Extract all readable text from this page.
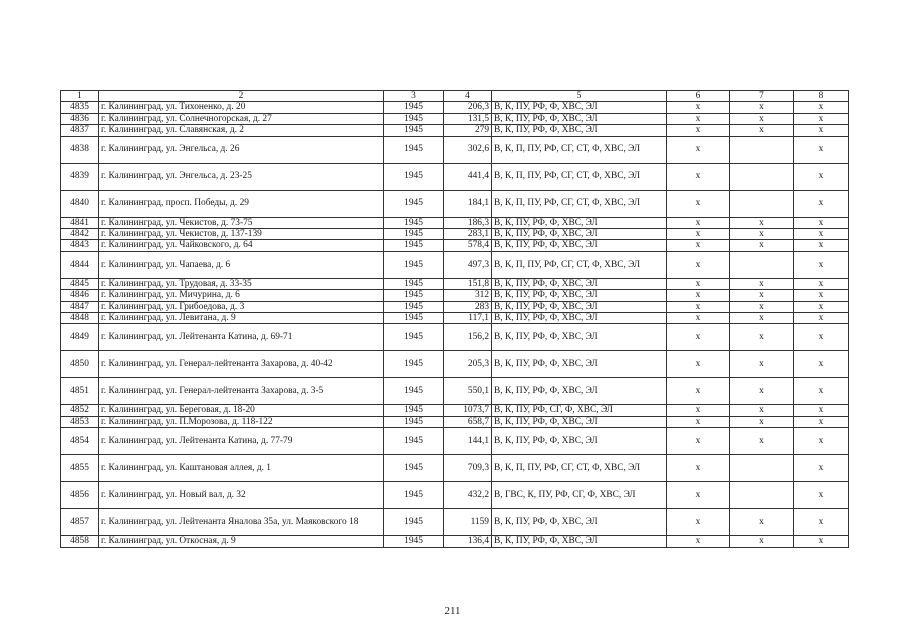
1	2	3	4	5	6	7	8
4835	г. Калининград, ул. Тихоненко, д. 20	1945	206,3	В, К, ПУ, РФ, Ф, ХВС, ЭЛ	x	x	x
4836	г. Калининград, ул. Солнечногорская, д. 27	1945	131,5	В, К, ПУ, РФ, Ф, ХВС, ЭЛ	x	x	x
4837	г. Калининград, ул. Славянская, д. 2	1945	279	В, К, ПУ, РФ, Ф, ХВС, ЭЛ	x	x	x
4838	г. Калининград, ул. Энгельса, д. 26	1945	302,6	В, К, П, ПУ, РФ, СГ, СТ, Ф, ХВС, ЭЛ	x		x
4839	г. Калининград, ул. Энгельса, д. 23-25	1945	441,4	В, К, П, ПУ, РФ, СГ, СТ, Ф, ХВС, ЭЛ	x		x
4840	г. Калининград, просп. Победы, д. 29	1945	184,1	В, К, П, ПУ, РФ, СГ, СТ, Ф, ХВС, ЭЛ	x		x
4841	г. Калининград, ул. Чекистов, д. 73-75	1945	186,3	В, К, ПУ, РФ, Ф, ХВС, ЭЛ	x	x	x
4842	г. Калининград, ул. Чекистов, д. 137-139	1945	283,1	В, К, ПУ, РФ, Ф, ХВС, ЭЛ	x	x	x
4843	г. Калининград, ул. Чайковского, д. 64	1945	578,4	В, К, ПУ, РФ, Ф, ХВС, ЭЛ	x	x	x
4844	г. Калининград, ул. Чапаева, д. 6	1945	497,3	В, К, П, ПУ, РФ, СГ, СТ, Ф, ХВС, ЭЛ	x		x
4845	г. Калининград, ул. Трудовая, д. 33-35	1945	151,8	В, К, ПУ, РФ, Ф, ХВС, ЭЛ	x	x	x
4846	г. Калининград, ул. Мичурина, д. 6	1945	312	В, К, ПУ, РФ, Ф, ХВС, ЭЛ	x	x	x
4847	г. Калининград, ул. Грибоедова, д. 3	1945	283	В, К, ПУ, РФ, Ф, ХВС, ЭЛ	x	x	x
4848	г. Калининград, ул. Левитана, д. 9	1945	117,1	В, К, ПУ, РФ, Ф, ХВС, ЭЛ	x	x	x
4849	г. Калининград, ул. Лейтенанта Катина, д. 69-71	1945	156,2	В, К, ПУ, РФ, Ф, ХВС, ЭЛ	x	x	x
4850	г. Калининград, ул. Генерал-лейтенанта Захарова, д. 40-42	1945	205,3	В, К, ПУ, РФ, Ф, ХВС, ЭЛ	x	x	x
4851	г. Калининград, ул. Генерал-лейтенанта Захарова, д. 3-5	1945	550,1	В, К, ПУ, РФ, Ф, ХВС, ЭЛ	x	x	x
4852	г. Калининград, ул. Береговая, д. 18-20	1945	1073,7	В, К, ПУ, РФ, СГ, Ф, ХВС, ЭЛ	x	x	x
4853	г. Калининград, ул. П.Морозова, д. 118-122	1945	658,7	В, К, ПУ, РФ, Ф, ХВС, ЭЛ	x	x	x
4854	г. Калининград, ул. Лейтенанта Катина, д. 77-79	1945	144,1	В, К, ПУ, РФ, Ф, ХВС, ЭЛ	x	x	x
4855	г. Калининград, ул. Каштановая аллея, д. 1	1945	709,3	В, К, П, ПУ, РФ, СГ, СТ, Ф, ХВС, ЭЛ	x		x
4856	г. Калининград, ул. Новый вал, д. 32	1945	432,2	В, ГВС, К, ПУ, РФ, СГ, Ф, ХВС, ЭЛ	x		x
4857	г. Калининград, ул. Лейтенанта Яналова 35а, ул. Маяковского 18	1945	1159	В, К, ПУ, РФ, Ф, ХВС, ЭЛ	x	x	x
4858	г. Калининград, ул. Откосная, д. 9	1945	136,4	В, К, ПУ, РФ, Ф, ХВС, ЭЛ	x	x	x
211
